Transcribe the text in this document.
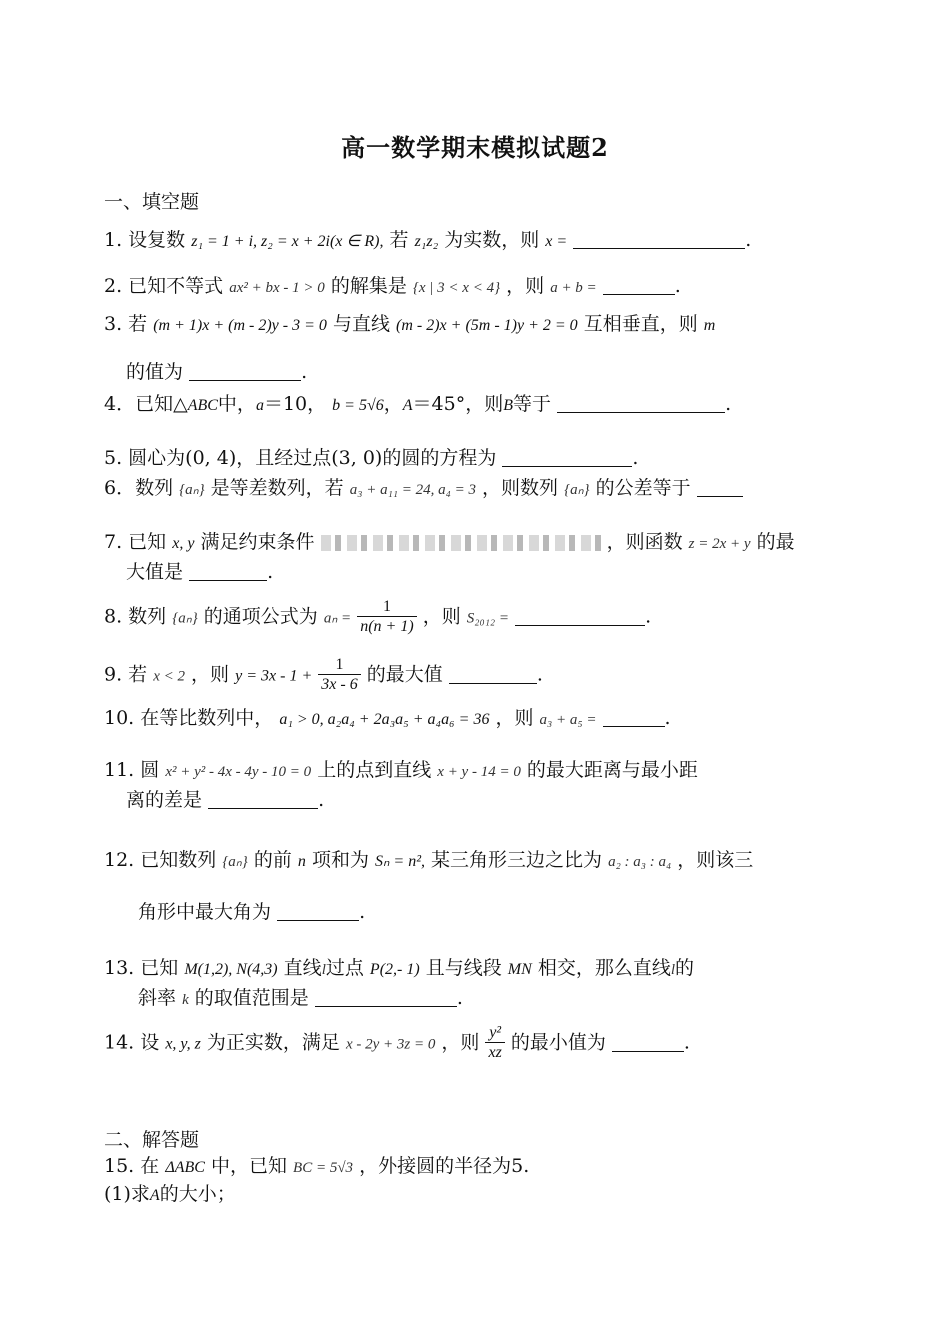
高一数学期末模拟试题2
一、填空题
1. 设复数 z₁ = 1 + i, z₂ = x + 2i(x ∈ R), 若 z₁z₂ 为实数，则 x =	.
2. 已知不等式 ax² + bx - 1 > 0 的解集是 {x | 3 < x < 4} ，则 a + b =	.
3. 若 (m + 1)x + (m - 2)y - 3 = 0 与直线 (m - 2)x + (5m - 1)y + 2 = 0 互相垂直，则 m
的值为	.
4．已知△ABC中，a＝10， b = 5√6，A＝45°，则B等于	.
5. 圆心为(0, 4)，且经过点(3, 0)的圆的方程为	.
6．数列 {aₙ} 是等差数列，若 a₃ + a₁₁ = 24, a₄ = 3 ，则数列 {aₙ} 的公差等于
7. 已知 x, y 满足约束条件	，则函数 z = 2x + y 的最
大值是	.
8. 数列 {aₙ} 的通项公式为 $a_n = \frac{1}{n(n + 1)}$ ，则 S₂₀₁₂ =	.
9. 若 x < 2 ，则 $y = 3x - 1 + \frac{1}{3x - 6}$ 的最大值	.
10. 在等比数列中， a₁ > 0, a₂a₄ + 2a₃a₅ + a₄a₆ = 36 ，则 a₃ + a₅ =	.
11. 圆 x² + y² - 4x - 4y - 10 = 0 上的点到直线 x + y - 14 = 0 的最大距离与最小距
离的差是	.
12. 已知数列 {aₙ} 的前 n 项和为 Sₙ = n², 某三角形三边之比为 a₂ : a₃ : a₄ ，则该三
角形中最大角为	.
13. 已知 M(1,2), N(4,3) 直线l过点 P(2,- 1) 且与线段 MN 相交，那么直线l的
斜率 k 的取值范围是	.
14. 设 x, y, z 为正实数，满足 x - 2y + 3z = 0 ，则 $\frac{\text{y²}}{xz}$ 的最小值为	.
二、解答题
15. 在 ΔABC 中，已知 BC = 5√3 ，外接圆的半径为5.
(1)求A的大小；
